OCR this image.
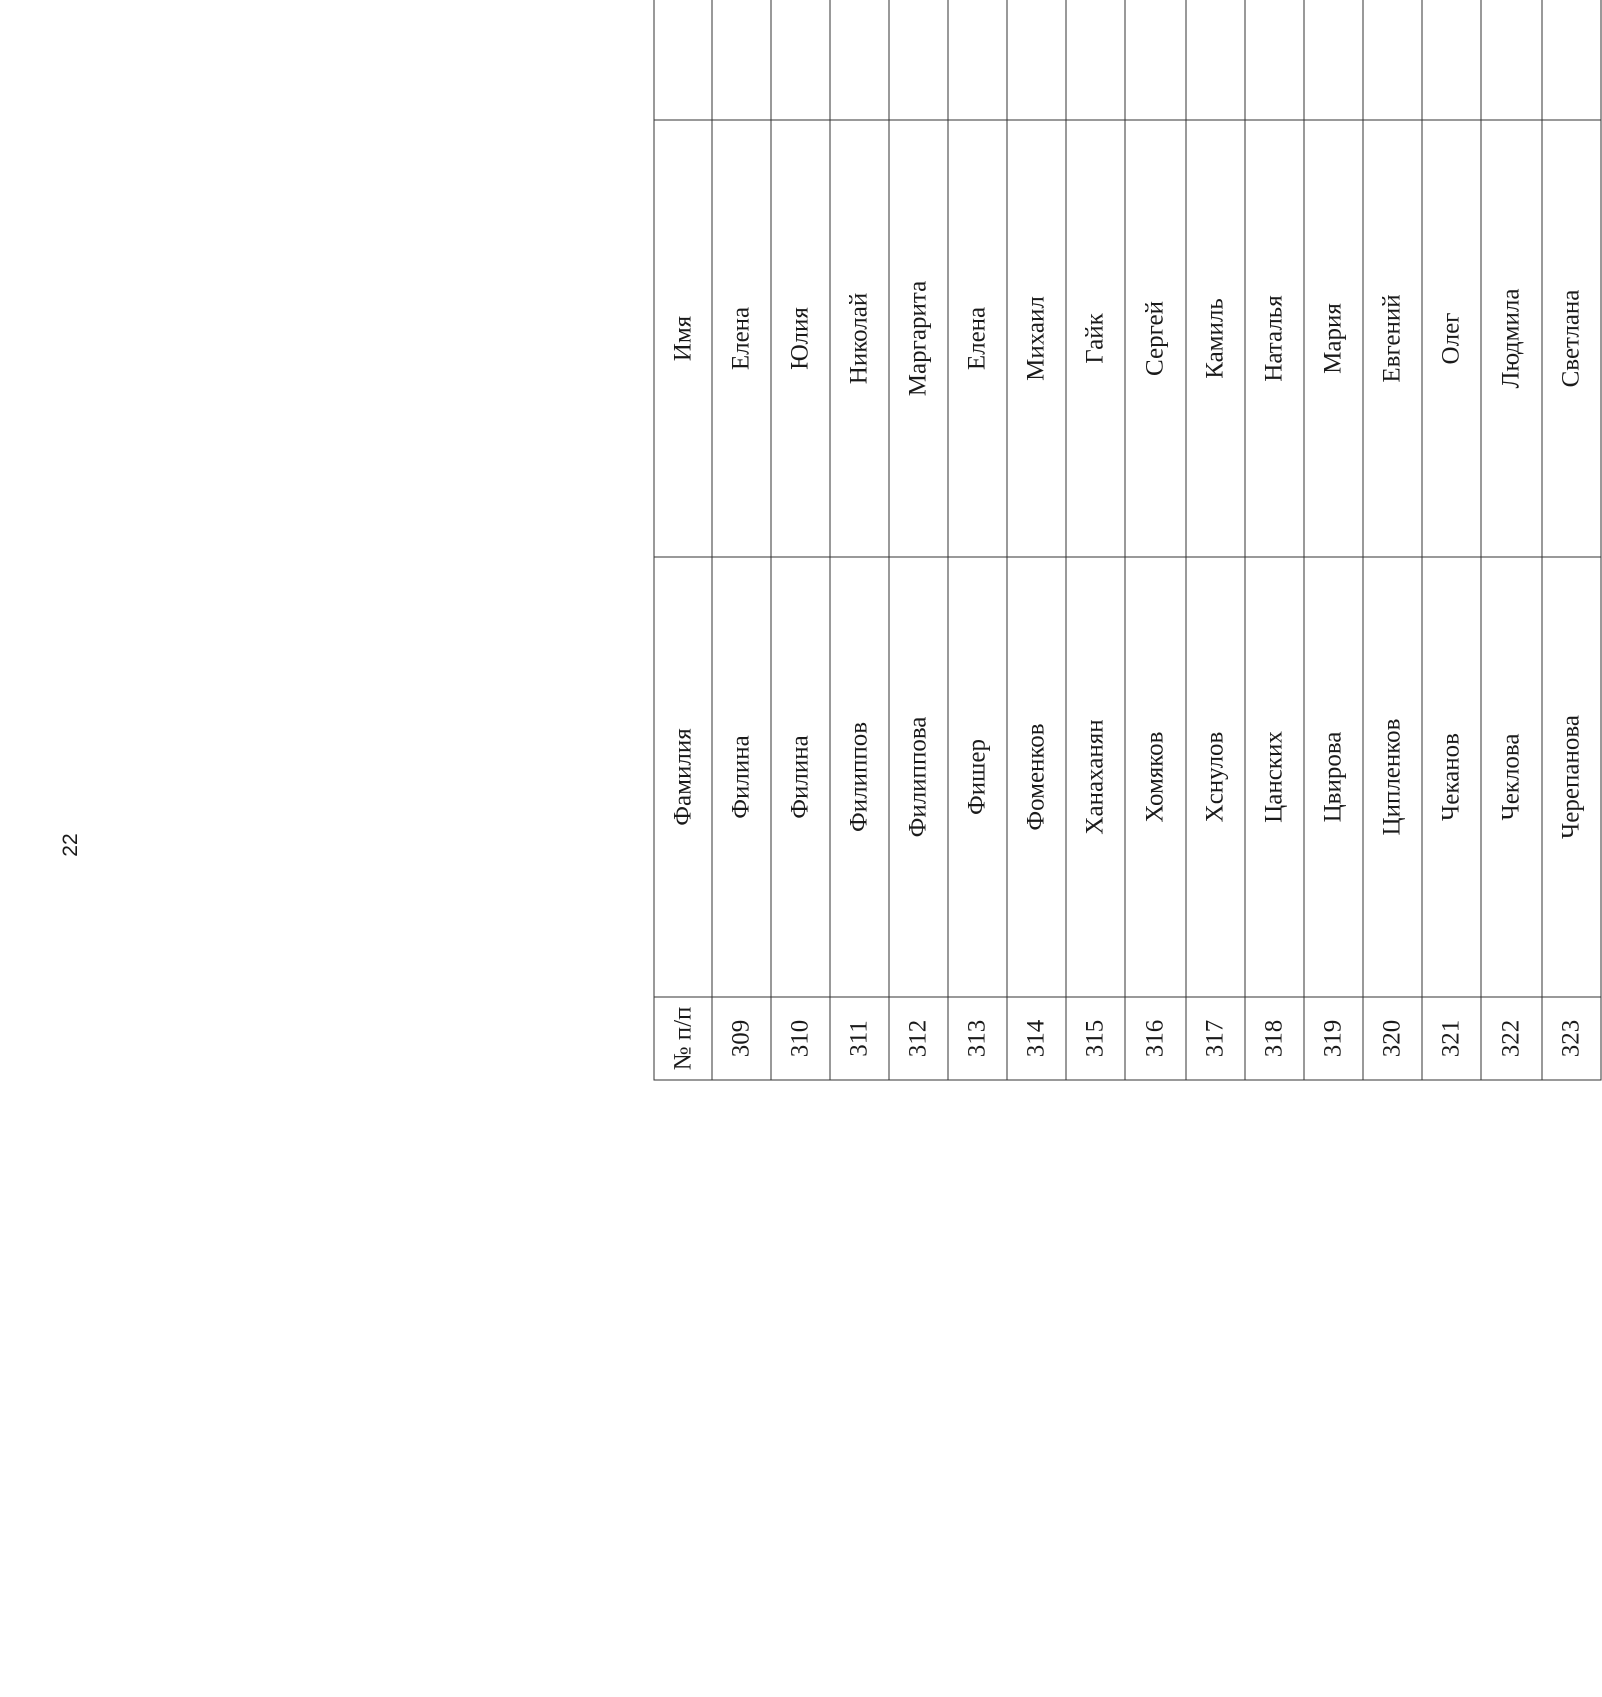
22
№ п/п	Фамилия	Имя	
309	Филина	Елена	
310	Филина	Юлия	
311	Филиппов	Николай	
312	Филиппова	Маргарита	
313	Фишер	Елена	
314	Фоменков	Михаил	
315	Ханаханян	Гайк	
316	Хомяков	Сергей	
317	Хснулов	Камиль	
318	Цанских	Наталья	
319	Цвирова	Мария	
320	Ципленков	Евгений	
321	Чеканов	Олег	
322	Чеклова	Людмила	
323	Черепанова	Светлана	
